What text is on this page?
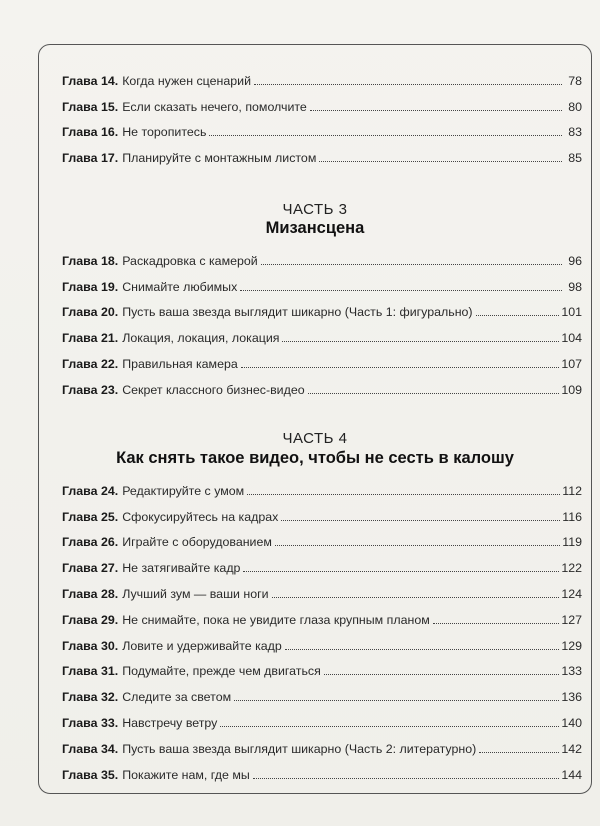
Глава 14. Когда нужен сценарий	78
Глава 15. Если сказать нечего, помолчите	80
Глава 16. Не торопитесь	83
Глава 17. Планируйте с монтажным листом	85
ЧАСТЬ 3
Мизансцена
Глава 18. Раскадровка с камерой	96
Глава 19. Снимайте любимых	98
Глава 20. Пусть ваша звезда выглядит шикарно (Часть 1: фигурально)	101
Глава 21. Локация, локация, локация	104
Глава 22. Правильная камера	107
Глава 23. Секрет классного бизнес-видео	109
ЧАСТЬ 4
Как снять такое видео, чтобы не сесть в калошу
Глава 24. Редактируйте с умом	112
Глава 25. Сфокусируйтесь на кадрах	116
Глава 26. Играйте с оборудованием	119
Глава 27. Не затягивайте кадр	122
Глава 28. Лучший зум — ваши ноги	124
Глава 29. Не снимайте, пока не увидите глаза крупным планом	127
Глава 30. Ловите и удерживайте кадр	129
Глава 31. Подумайте, прежде чем двигаться	133
Глава 32. Следите за светом	136
Глава 33. Навстречу ветру	140
Глава 34. Пусть ваша звезда выглядит шикарно (Часть 2: литературно)	142
Глава 35. Покажите нам, где мы	144
